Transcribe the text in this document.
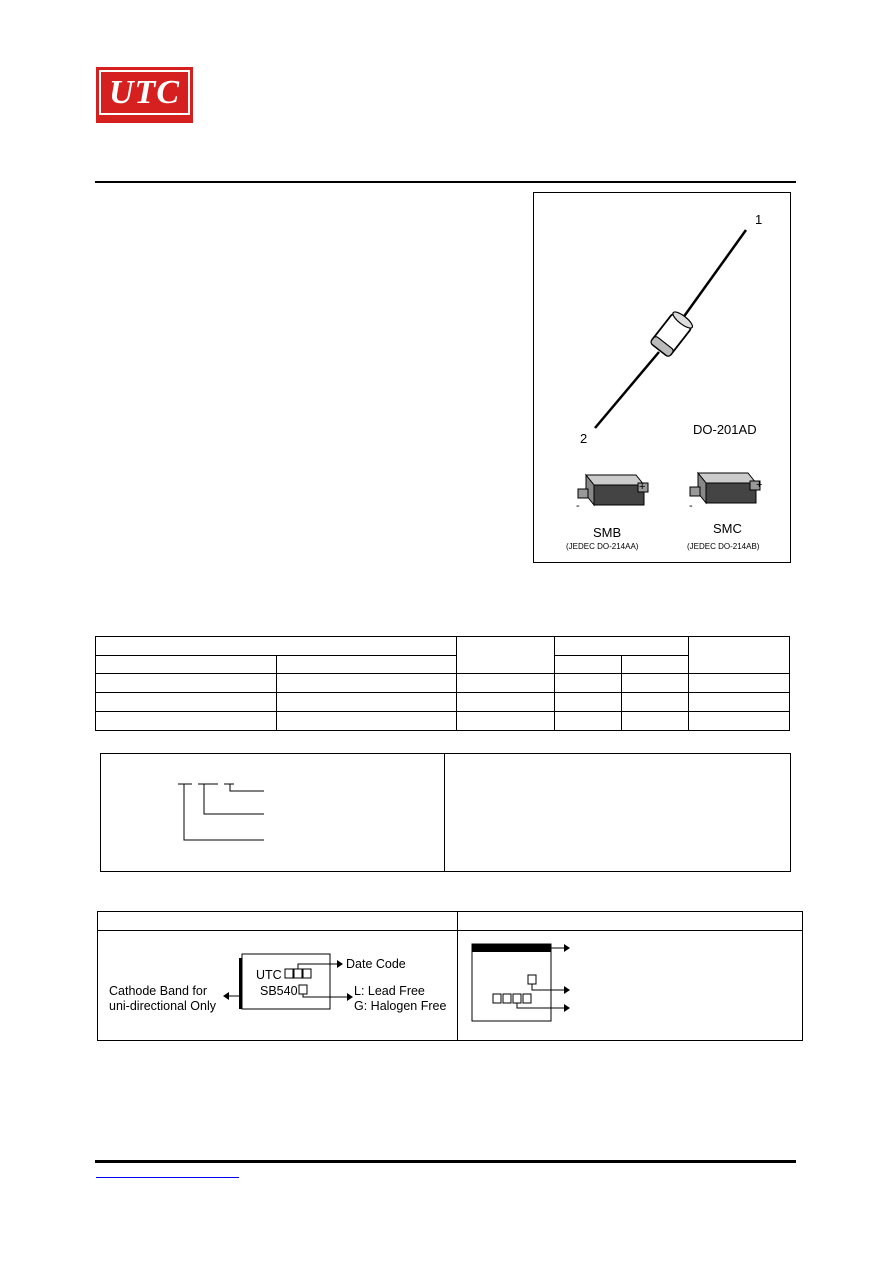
UTC
1
2
DO-201AD
+
-
SMB
(JEDEC DO-214AA)
+
-
SMC
(JEDEC DO-214AB)

Cathode Band for
uni-directional Only
UTC
SB540
Date Code
L: Lead Free
G: Halogen Free
